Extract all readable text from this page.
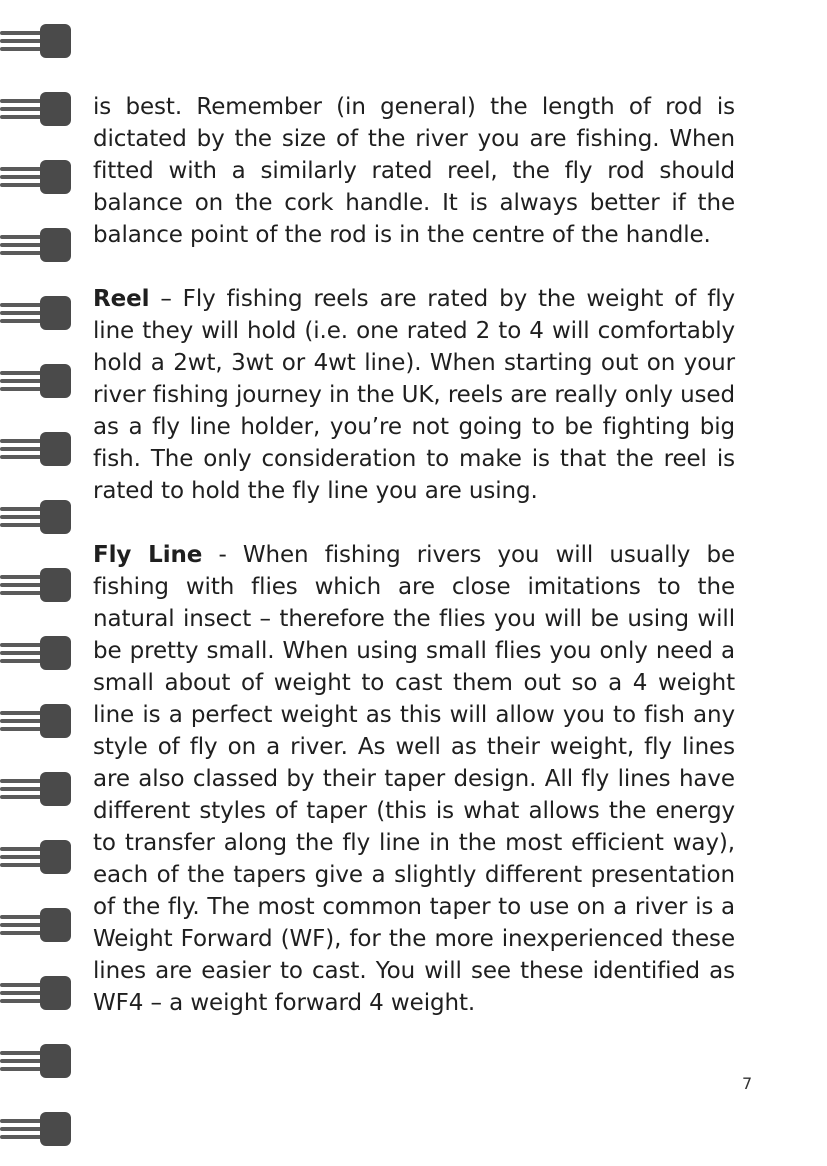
is best. Remember (in general) the length of rod is dictated by the size of the river you are fishing. When fitted with a similarly rated reel, the fly rod should balance on the cork handle. It is always better if the balance point of the rod is in the centre of the handle.

Reel – Fly fishing reels are rated by the weight of fly line they will hold (i.e. one rated 2 to 4 will comfortably hold a 2wt, 3wt or 4wt line). When starting out on your river fishing journey in the UK, reels are really only used as a fly line holder, you’re not going to be fighting big fish. The only consideration to make is that the reel is rated to hold the fly line you are using.

Fly Line - When fishing rivers you will usually be fishing with flies which are close imitations to the natural insect – therefore the flies you will be using will be pretty small. When using small flies you only need a small about of weight to cast them out so a 4 weight line is a perfect weight as this will allow you to fish any style of fly on a river. As well as their weight, fly lines are also classed by their taper design. All fly lines have different styles of taper (this is what allows the energy to transfer along the fly line in the most efficient way), each of the tapers give a slightly different presentation of the fly. The most common taper to use on a river is a Weight Forward (WF), for the more inexperienced these lines are easier to cast. You will see these identified as WF4 – a weight forward 4 weight.

7
